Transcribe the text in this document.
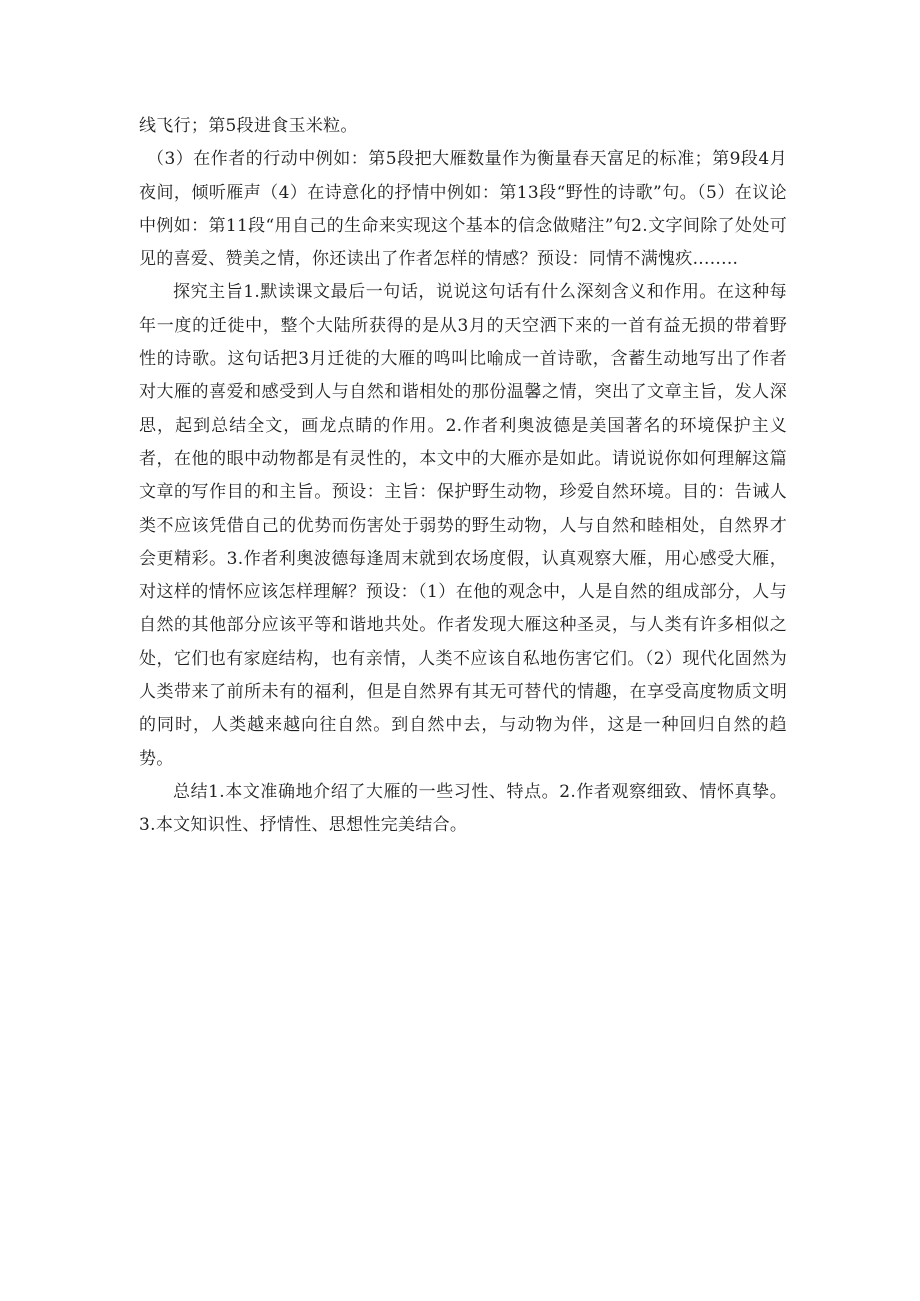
线飞行；第5段进食玉米粒。

（3）在作者的行动中例如：第5段把大雁数量作为衡量春天富足的标准；第9段4月夜间，倾听雁声（4）在诗意化的抒情中例如：第13段“野性的诗歌”句。（5）在议论中例如：第11段“用自己的生命来实现这个基本的信念做赌注”句2.文字间除了处处可见的喜爱、赞美之情，你还读出了作者怎样的情感？预设：同情不满愧疚........

探究主旨1.默读课文最后一句话，说说这句话有什么深刻含义和作用。在这种每年一度的迁徙中，整个大陆所获得的是从3月的天空洒下来的一首有益无损的带着野性的诗歌。这句话把3月迁徙的大雁的鸣叫比喻成一首诗歌，含蓄生动地写出了作者对大雁的喜爱和感受到人与自然和谐相处的那份温馨之情，突出了文章主旨，发人深思，起到总结全文，画龙点睛的作用。2.作者利奥波德是美国著名的环境保护主义者，在他的眼中动物都是有灵性的，本文中的大雁亦是如此。请说说你如何理解这篇文章的写作目的和主旨。预设：主旨：保护野生动物，珍爱自然环境。目的：告诫人类不应该凭借自己的优势而伤害处于弱势的野生动物，人与自然和睦相处，自然界才会更精彩。3.作者利奥波德每逢周末就到农场度假，认真观察大雁，用心感受大雁，对这样的情怀应该怎样理解？预设：（1）在他的观念中，人是自然的组成部分，人与自然的其他部分应该平等和谐地共处。作者发现大雁这种圣灵，与人类有许多相似之处，它们也有家庭结构，也有亲情，人类不应该自私地伤害它们。（2）现代化固然为人类带来了前所未有的福利，但是自然界有其无可替代的情趣，在享受高度物质文明的同时，人类越来越向往自然。到自然中去，与动物为伴，这是一种回归自然的趋势。

总结1.本文准确地介绍了大雁的一些习性、特点。2.作者观察细致、情怀真挚。3.本文知识性、抒情性、思想性完美结合。
